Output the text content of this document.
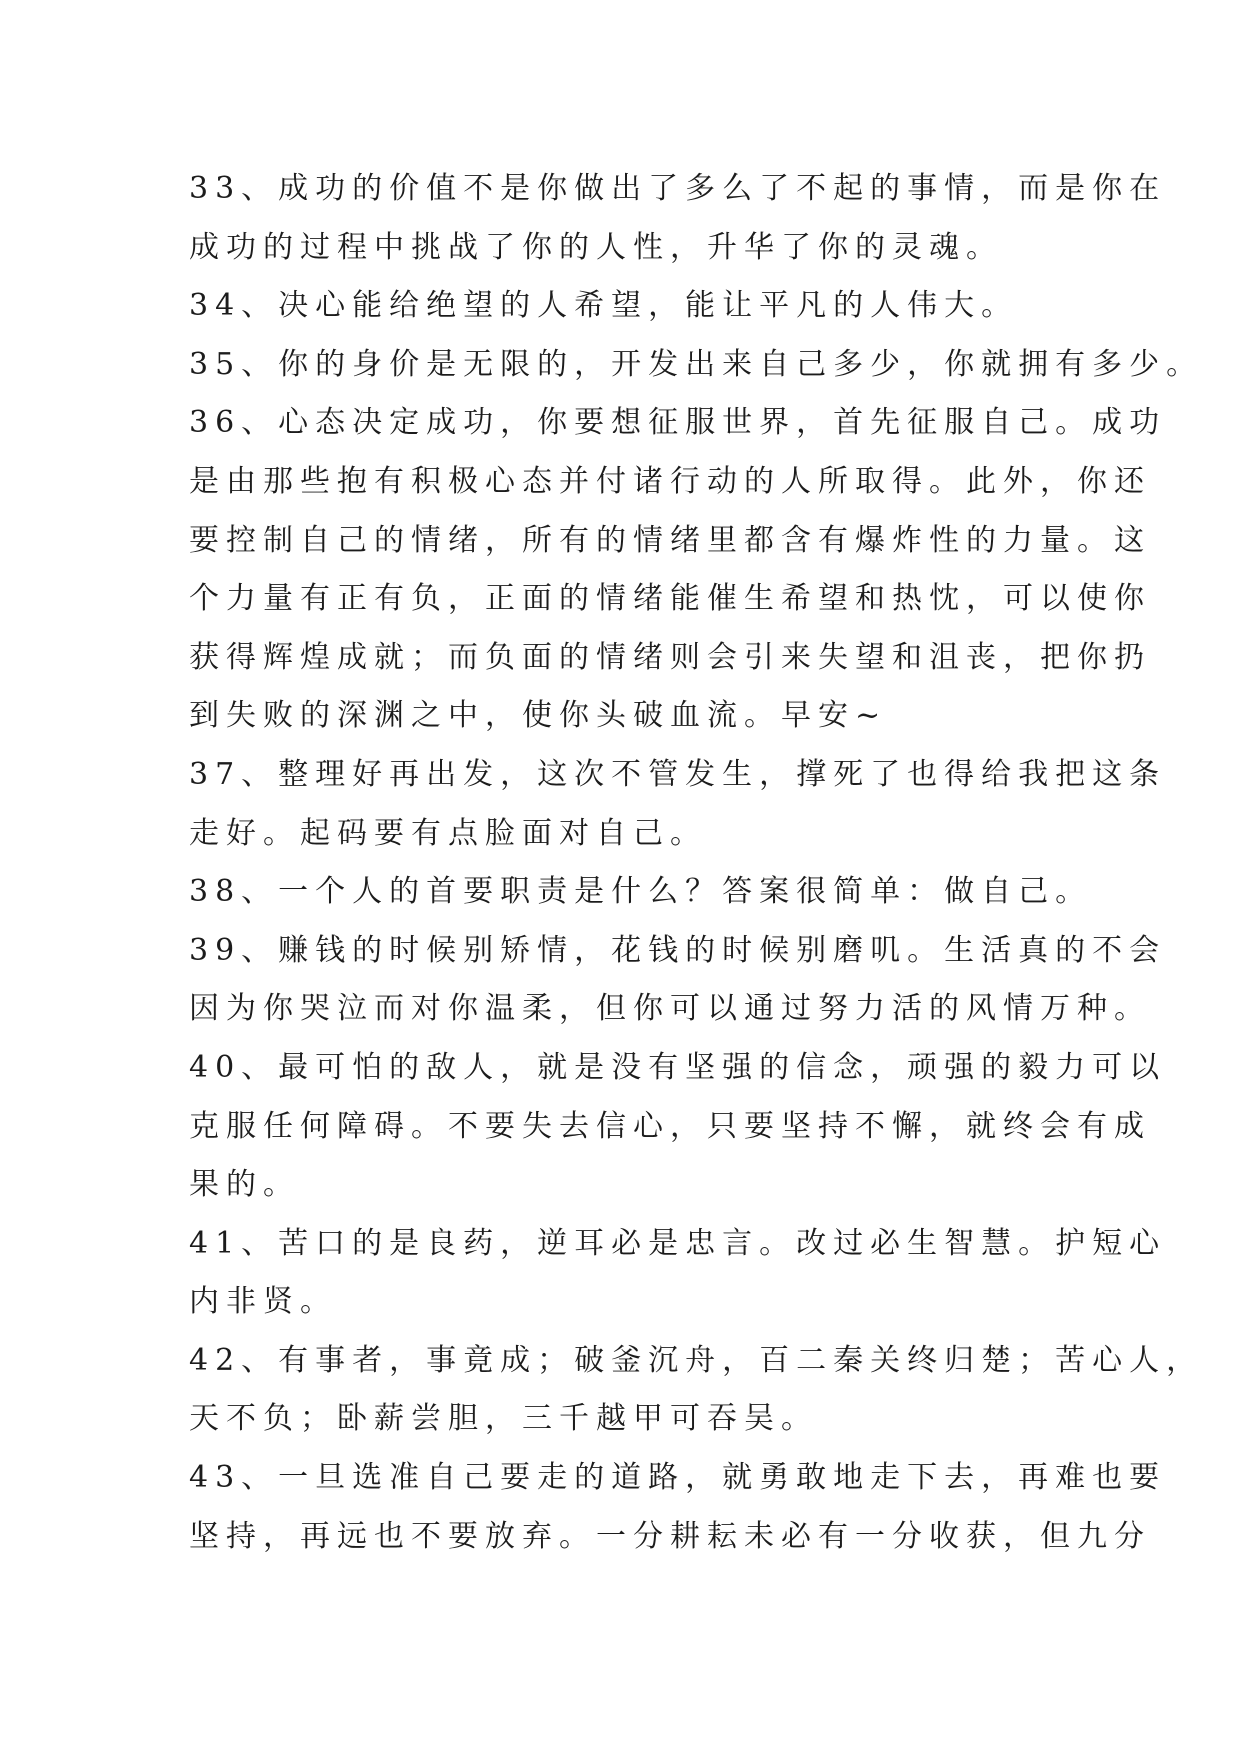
33、成功的价值不是你做出了多么了不起的事情，而是你在
成功的过程中挑战了你的人性，升华了你的灵魂。
34、决心能给绝望的人希望，能让平凡的人伟大。
35、你的身价是无限的，开发出来自己多少，你就拥有多少。
36、心态决定成功，你要想征服世界，首先征服自己。成功
是由那些抱有积极心态并付诸行动的人所取得。此外，你还
要控制自己的情绪，所有的情绪里都含有爆炸性的力量。这
个力量有正有负，正面的情绪能催生希望和热忱，可以使你
获得辉煌成就；而负面的情绪则会引来失望和沮丧，把你扔
到失败的深渊之中，使你头破血流。早安~
37、整理好再出发，这次不管发生，撑死了也得给我把这条
走好。起码要有点脸面对自己。
38、一个人的首要职责是什么？答案很简单：做自己。
39、赚钱的时候别矫情，花钱的时候别磨叽。生活真的不会
因为你哭泣而对你温柔，但你可以通过努力活的风情万种。
40、最可怕的敌人，就是没有坚强的信念，顽强的毅力可以
克服任何障碍。不要失去信心，只要坚持不懈，就终会有成
果的。
41、苦口的是良药，逆耳必是忠言。改过必生智慧。护短心
内非贤。
42、有事者，事竟成；破釜沉舟，百二秦关终归楚；苦心人，
天不负；卧薪尝胆，三千越甲可吞吴。
43、一旦选准自己要走的道路，就勇敢地走下去，再难也要
坚持，再远也不要放弃。一分耕耘未必有一分收获，但九分
